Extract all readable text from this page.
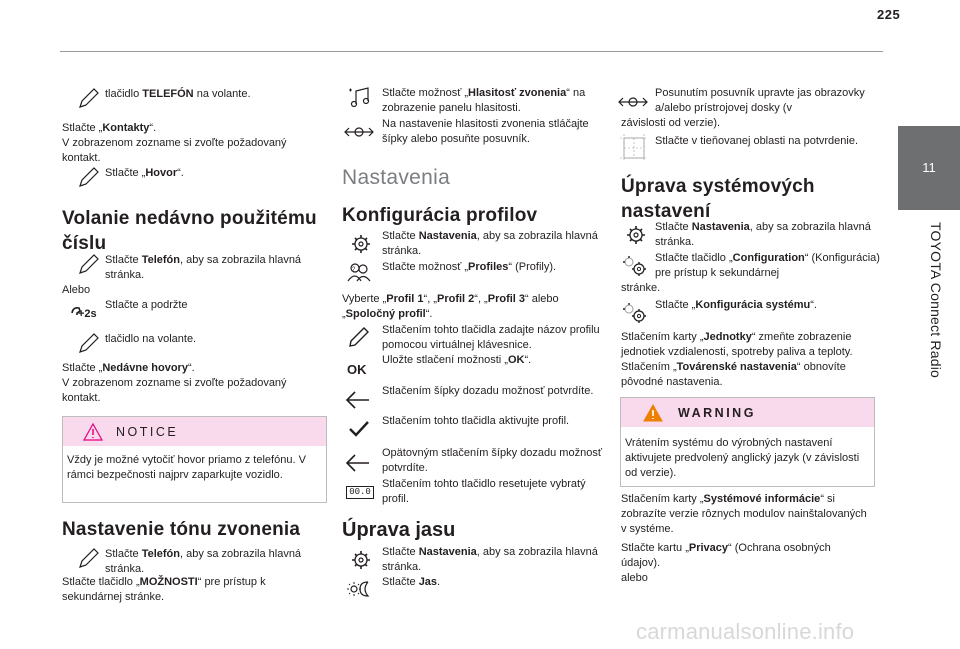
225
11
TOYOTA Connect Radio
tlačidlo TELEFÓN na volante.
Stlačte „Kontakty“.
V zobrazenom zozname si zvoľte požadovaný kontakt.
Stlačte „Hovor“.
Volanie nedávno použitému číslu
Stlačte Telefón, aby sa zobrazila hlavná stránka.
Alebo
+2s
Stlačte a podržte
tlačidlo na volante.
Stlačte „Nedávne hovory“.
V zobrazenom zozname si zvoľte požadovaný kontakt.
NOTICE
Vždy je možné vytočiť hovor priamo z telefónu. V rámci bezpečnosti najprv zaparkujte vozidlo.
Nastavenie tónu zvonenia
Stlačte Telefón, aby sa zobrazila hlavná stránka.
Stlačte tlačidlo „MOŽNOSTI“ pre prístup k sekundárnej stránke.
Stlačte možnosť „Hlasitosť zvonenia“ na zobrazenie panelu hlasitosti.
Na nastavenie hlasitosti zvonenia stláčajte šípky alebo posuňte posuvník.
Nastavenia
Konfigurácia profilov
Stlačte Nastavenia, aby sa zobrazila hlavná stránka.
? Stlačte možnosť „Profiles“ (Profily).
Vyberte „Profil 1“, „Profil 2“, „Profil 3“ alebo „Spoločný profil“.
Stlačením tohto tlačidla zadajte názov profilu pomocou virtuálnej klávesnice.
OK
Uložte stlačení možnosti „OK“.
Stlačením šípky dozadu možnosť potvrdíte.
Stlačením tohto tlačidla aktivujte profil.
Opätovným stlačením šípky dozadu možnosť potvrdíte.
00.0
Stlačením tohto tlačidlo resetujete vybratý profil.
Úprava jasu
Stlačte Nastavenia, aby sa zobrazila hlavná stránka.
Stlačte Jas.
Posunutím posuvník upravte jas obrazovky a/alebo prístrojovej dosky (v
závislosti od verzie).
Stlačte v tieňovanej oblasti na potvrdenie.
Úprava systémových nastavení
Stlačte Nastavenia, aby sa zobrazila hlavná stránka.
Stlačte tlačidlo „Configuration“ (Konfigurácia) pre prístup k sekundárnej
stránke.
Stlačte „Konfigurácia systému“.
Stlačením karty „Jednotky“ zmeňte zobrazenie jednotiek vzdialenosti, spotreby paliva a teploty.
Stlačením „Továrenské nastavenia“ obnovíte pôvodné nastavenia.
WARNING
Vrátením systému do výrobných nastavení aktivujete predvolený anglický jazyk (v závislosti od verzie).
Stlačením karty „Systémové informácie“ si zobrazíte verzie rôznych modulov nainštalovaných v systéme.
Stlačte kartu „Privacy“ (Ochrana osobných údajov).
alebo
carmanualsonline.info
